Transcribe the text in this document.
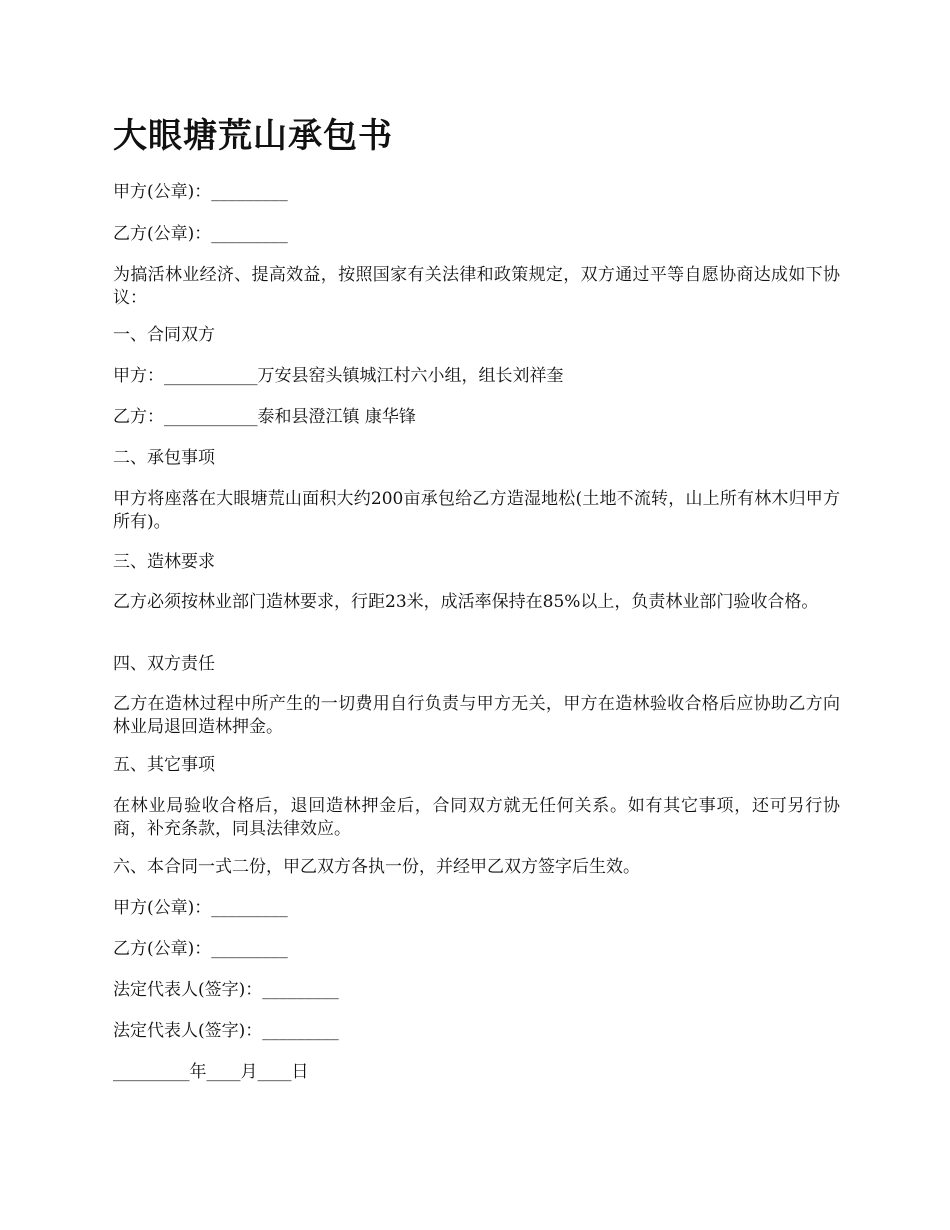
大眼塘荒山承包书

甲方(公章)：_________

乙方(公章)：_________

为搞活林业经济、提高效益，按照国家有关法律和政策规定，双方通过平等自愿协商达成如下协议：

一、合同双方

甲方：___________万安县窑头镇城江村六小组，组长刘祥奎

乙方：___________泰和县澄江镇 康华锋

二、承包事项

甲方将座落在大眼塘荒山面积大约200亩承包给乙方造湿地松(土地不流转，山上所有林木归甲方所有)。

三、造林要求

乙方必须按林业部门造林要求，行距23米，成活率保持在85%以上，负责林业部门验收合格。

四、双方责任

乙方在造林过程中所产生的一切费用自行负责与甲方无关，甲方在造林验收合格后应协助乙方向林业局退回造林押金。

五、其它事项

在林业局验收合格后，退回造林押金后，合同双方就无任何关系。如有其它事项，还可另行协商，补充条款，同具法律效应。

六、本合同一式二份，甲乙双方各执一份，并经甲乙双方签字后生效。

甲方(公章)：_________

乙方(公章)：_________

法定代表人(签字)：_________

法定代表人(签字)：_________

_________年____月____日
